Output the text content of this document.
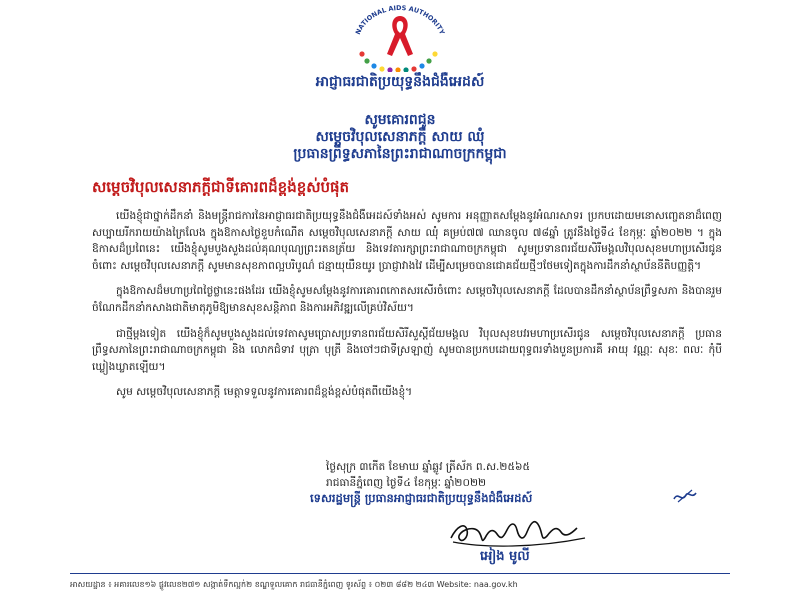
NATIONAL AIDS AUTHORITY
អាជ្ញាធរជាតិប្រយុទ្ធនឹងជំងឺអេដស៍
សូមគោរពជូន
សម្តេចវិបុលសេនាភក្តី សាយ ឈុំ
ប្រធានព្រឹទ្ធសភានៃព្រះរាជាណាចក្រកម្ពុជា
សម្តេចវិបុលសេនាភក្តីជាទីគោរពដ៏ខ្ពង់ខ្ពស់បំផុត

យើងខ្ញុំជាថ្នាក់ដឹកនាំ និងមន្ត្រីរាជការនៃអាជ្ញាធរជាតិប្រយុទ្ធនឹងជំងឺអេដស៍ទាំងអស់ សូមការ អនុញ្ញាតសម្តែងនូវអំណរសាទរ ប្រកបដោយមនោសញ្ចេតនាដ៏ពេញសប្បាយរីករាយយ៉ាងក្រៃលែង ក្នុងឱកាសថ្ងៃខួបកំណើត សម្តេចវិបុលសេនាភក្តី សាយ ឈុំ គម្រប់៧៧ ឈានចូល ៧៨ឆ្នាំ ត្រូវនឹងថ្ងៃទី៤ ខែកុម្ភៈ ឆ្នាំ២០២២ ។ ក្នុងឱកាសដ៏ប្រពៃនេះ យើងខ្ញុំសូមបួងសួងដល់គុណបុណ្យព្រះរតនត្រ័យ និងទេវតារក្សាព្រះរាជាណាចក្រកម្ពុជា សូមប្រទានពរជ័យសិរីមង្គលវិបុលសុខមហាប្រសើរជូនចំពោះ សម្តេចវិបុលសេនាភក្តី សូមមានសុខភាពល្អបរិបូណ៌ ជន្មាយុយឺនយូរ ប្រាជ្ញាវាងវៃ ដើម្បីសម្រេចបានជោគជ័យថ្មីៗថែមទៀតក្នុងការដឹកនាំស្ថាប័ននីតិបញ្ញត្តិ។

ក្នុងឱកាសដ៏មហាប្រពៃថ្ងៃថ្លានេះផងដែរ យើងខ្ញុំសូមសម្តែងនូវការគោរពកោតសរសើរចំពោះ សម្តេចវិបុលសេនាភក្តី ដែលបានដឹកនាំស្ថាប័នព្រឹទ្ធសភា និងបានរួមចំណែកដឹកនាំកសាងជាតិមាតុភូមិឱ្យមានសុខសន្តិភាព និងការអភិវឌ្ឍលើគ្រប់វិស័យ។

ជាថ្មីម្តងទៀត យើងខ្ញុំក៏សូមបួងសួងដល់ទេវតាសូមប្រោសប្រទានពរជ័យសិរីសួស្តីជ័យមង្គល វិបុលសុខបវរមហាប្រសើរជូន សម្តេចវិបុលសេនាភក្តី ប្រធានព្រឹទ្ធសភានៃព្រះរាជាណាចក្រកម្ពុជា និង លោកជំទាវ បុត្រា បុត្រី និងចៅៗជាទីស្រឡាញ់ សូមបានប្រកបដោយពុទ្ធពរទាំងបួនប្រការគឺ អាយុ វណ្ណៈ សុខៈ ពលៈ កុំបីឃ្លៀងឃ្លាតឡើយ។

សូម សម្តេចវិបុលសេនាភក្តី មេត្តាទទួលនូវការគោរពដ៏ខ្ពង់ខ្ពស់បំផុតពីយើងខ្ញុំ។

ថ្ងៃសុក្រ ៣កើត ខែមាឃ ឆ្នាំឆ្លូវ ត្រីស័ក ព.ស.២៥៦៥
រាជធានីភ្នំពេញ ថ្ងៃទី៤ ខែកុម្ភៈ ឆ្នាំ២០២២
ទេសរដ្ឋមន្ត្រី ប្រធានអាជ្ញាធរជាតិប្រយុទ្ធនឹងជំងឺអេដស៍
អៀង មូលី
អាសយដ្ឋាន ៖ អគារលេខ១៦ ផ្លូវលេខ២៧១ សង្កាត់ទឹកល្អក់២ ខណ្ឌទួលគោក រាជធានីភ្នំពេញ ទូរស័ព្ទ ៖ ០២៣ ៨៨២ ២៤៣ Website: naa.gov.kh
